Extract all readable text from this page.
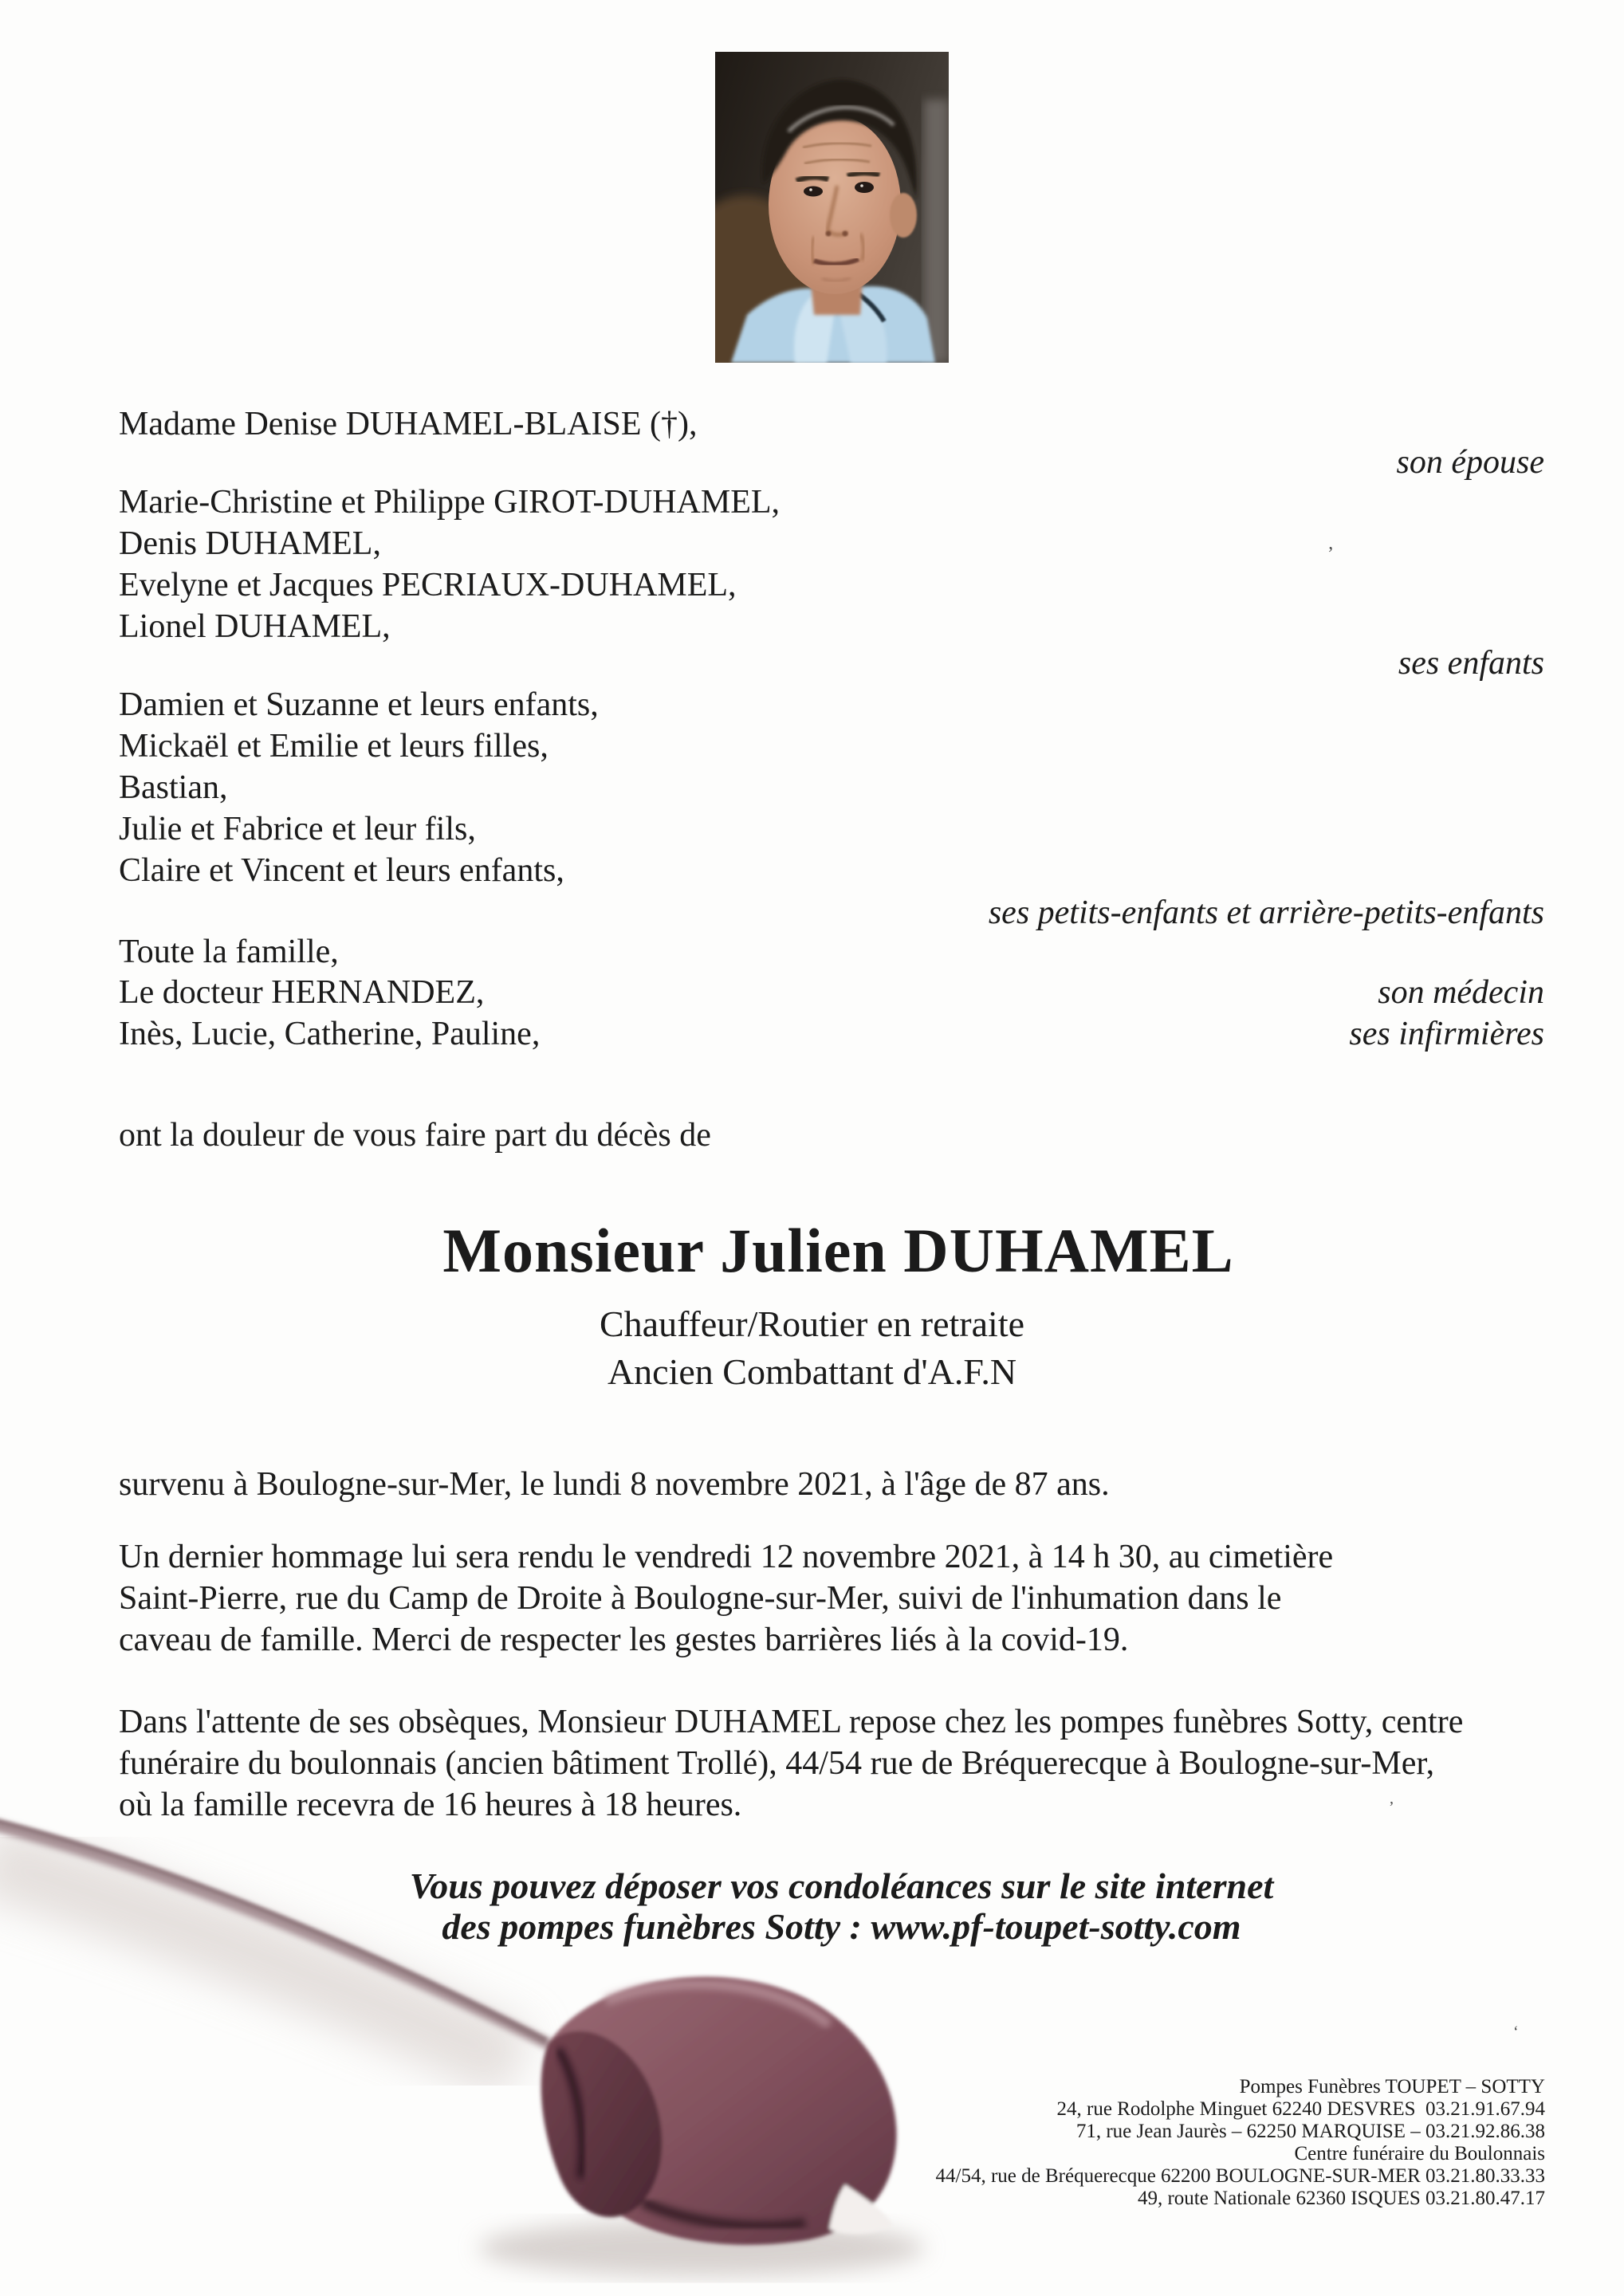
Madame Denise DUHAMEL-BLAISE (†),
son épouse
Marie-Christine et Philippe GIROT-DUHAMEL,
Denis DUHAMEL,
Evelyne et Jacques PECRIAUX-DUHAMEL,
Lionel DUHAMEL,
ses enfants
Damien et Suzanne et leurs enfants,
Mickaël et Emilie et leurs filles,
Bastian,
Julie et Fabrice et leur fils,
Claire et Vincent et leurs enfants,
ses petits-enfants et arrière-petits-enfants
Toute la famille,
Le docteur HERNANDEZ,	son médecin
Inès, Lucie, Catherine, Pauline,	ses infirmières
ont la douleur de vous faire part du décès de
Monsieur Julien DUHAMEL
Chauffeur/Routier en retraite
Ancien Combattant d'A.F.N
survenu à Boulogne-sur-Mer, le lundi 8 novembre 2021, à l'âge de 87 ans.
Un dernier hommage lui sera rendu le vendredi 12 novembre 2021, à 14 h 30, au cimetière
Saint-Pierre, rue du Camp de Droite à Boulogne-sur-Mer, suivi de l'inhumation dans le
caveau de famille. Merci de respecter les gestes barrières liés à la covid-19.
Dans l'attente de ses obsèques, Monsieur DUHAMEL repose chez les pompes funèbres Sotty, centre
funéraire du boulonnais (ancien bâtiment Trollé), 44/54 rue de Bréquerecque à Boulogne-sur-Mer,
où la famille recevra de 16 heures à 18 heures.
Vous pouvez déposer vos condoléances sur le site internet
des pompes funèbres Sotty : www.pf-toupet-sotty.com
Pompes Funèbres TOUPET – SOTTY
24, rue Rodolphe Minguet 62240 DESVRES  03.21.91.67.94
71, rue Jean Jaurès – 62250 MARQUISE – 03.21.92.86.38
Centre funéraire du Boulonnais
44/54, rue de Bréquerecque 62200 BOULOGNE-SUR-MER 03.21.80.33.33
49, route Nationale 62360 ISQUES 03.21.80.47.17
’
’
‘
